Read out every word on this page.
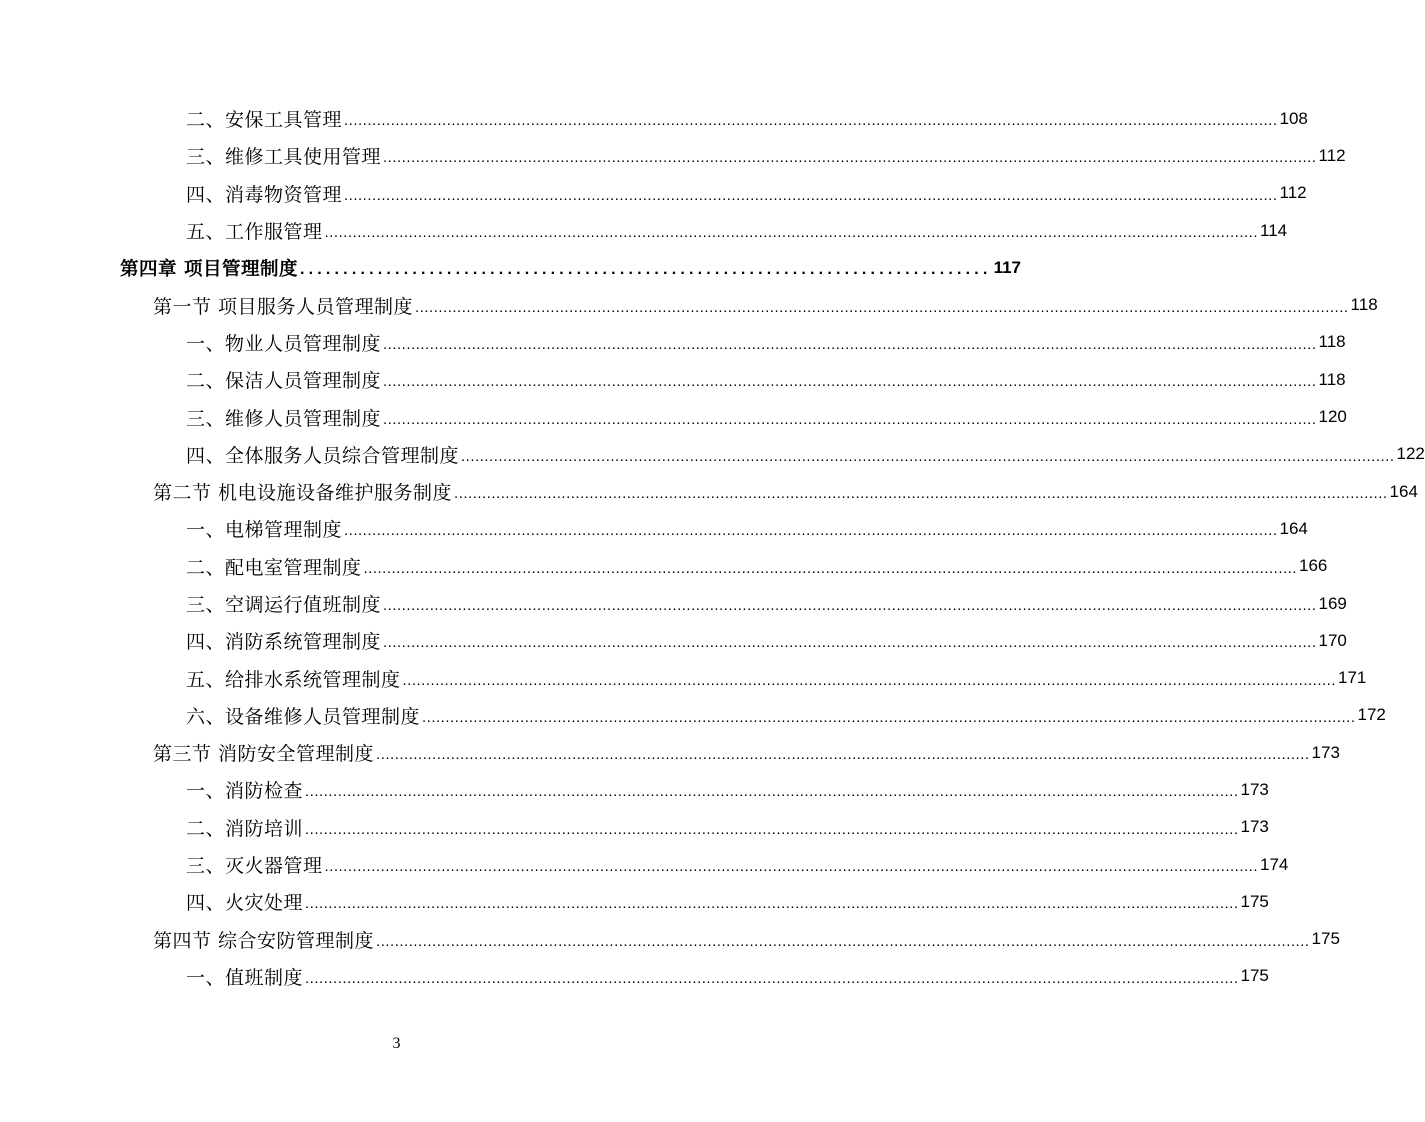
二、安保工具管理 ........................................................................................................................................................................................................ 108
三、维修工具使用管理 ........................................................................................................................................................................................................ 112
四、消毒物资管理 ........................................................................................................................................................................................................ 112
五、工作服管理 ........................................................................................................................................................................................................ 114
第四章 项目管理制度 ................................................................................ 117
第一节 项目服务人员管理制度 ........................................................................................................................................................................................................ 118
一、物业人员管理制度 ........................................................................................................................................................................................................ 118
二、保洁人员管理制度 ........................................................................................................................................................................................................ 118
三、维修人员管理制度 ........................................................................................................................................................................................................ 120
四、全体服务人员综合管理制度 ........................................................................................................................................................................................................ 122
第二节 机电设施设备维护服务制度 ........................................................................................................................................................................................................ 164
一、电梯管理制度 ........................................................................................................................................................................................................ 164
二、配电室管理制度 ........................................................................................................................................................................................................ 166
三、空调运行值班制度 ........................................................................................................................................................................................................ 169
四、消防系统管理制度 ........................................................................................................................................................................................................ 170
五、给排水系统管理制度 ........................................................................................................................................................................................................ 171
六、设备维修人员管理制度 ........................................................................................................................................................................................................ 172
第三节 消防安全管理制度 ........................................................................................................................................................................................................ 173
一、消防检查 ........................................................................................................................................................................................................ 173
二、消防培训 ........................................................................................................................................................................................................ 173
三、灭火器管理 ........................................................................................................................................................................................................ 174
四、火灾处理 ........................................................................................................................................................................................................ 175
第四节 综合安防管理制度 ........................................................................................................................................................................................................ 175
一、值班制度 ........................................................................................................................................................................................................ 175
3
